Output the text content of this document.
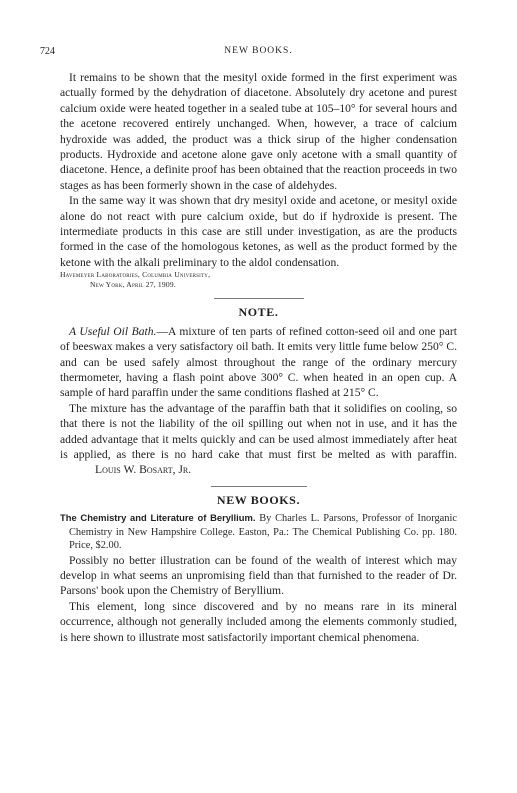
724	NEW BOOKS.

It remains to be shown that the mesityl oxide formed in the first experiment was actually formed by the dehydration of diacetone. Absolutely dry acetone and purest calcium oxide were heated together in a sealed tube at 105–10° for several hours and the acetone recovered entirely unchanged. When, however, a trace of calcium hydroxide was added, the product was a thick sirup of the higher condensation products. Hydroxide and acetone alone gave only acetone with a small quantity of diacetone. Hence, a definite proof has been obtained that the reaction proceeds in two stages as has been formerly shown in the case of aldehydes.

In the same way it was shown that dry mesityl oxide and acetone, or mesityl oxide alone do not react with pure calcium oxide, but do if hydroxide is present. The intermediate products in this case are still under investigation, as are the products formed in the case of the homologous ketones, as well as the product formed by the ketone with the alkali preliminary to the aldol condensation.

Havemeyer Laboratories, Columbia University,

New York, April 27, 1909.

NOTE.

A Useful Oil Bath.—A mixture of ten parts of refined cotton-seed oil and one part of beeswax makes a very satisfactory oil bath. It emits very little fume below 250° C. and can be used safely almost throughout the range of the ordinary mercury thermometer, having a flash point above 300° C. when heated in an open cup. A sample of hard paraffin under the same conditions flashed at 215° C.

The mixture has the advantage of the paraffin bath that it solidifies on cooling, so that there is not the liability of the oil spilling out when not in use, and it has the added advantage that it melts quickly and can be used almost immediately after heat is applied, as there is no hard cake that must first be melted as with paraffin.Louis W. Bosart, Jr.

NEW BOOKS.

The Chemistry and Literature of Beryllium. By Charles L. Parsons, Professor of Inorganic Chemistry in New Hampshire College. Easton, Pa.: The Chemical Publishing Co. pp. 180. Price, $2.00.

Possibly no better illustration can be found of the wealth of interest which may develop in what seems an unpromising field than that furnished to the reader of Dr. Parsons' book upon the Chemistry of Beryllium.

This element, long since discovered and by no means rare in its mineral occurrence, although not generally included among the elements commonly studied, is here shown to illustrate most satisfactorily important chemical phenomena.
